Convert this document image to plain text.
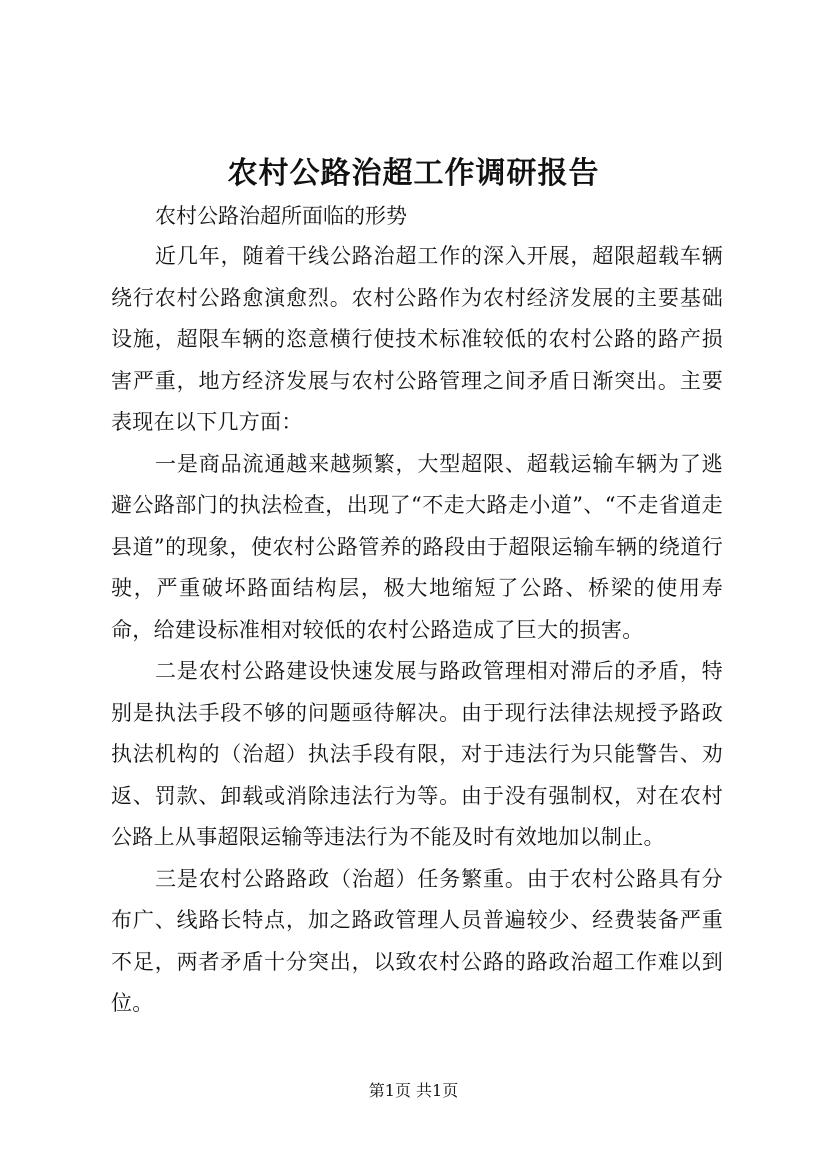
农村公路治超工作调研报告

农村公路治超所面临的形势

近几年，随着干线公路治超工作的深入开展，超限超载车辆绕行农村公路愈演愈烈。农村公路作为农村经济发展的主要基础设施，超限车辆的恣意横行使技术标准较低的农村公路的路产损害严重，地方经济发展与农村公路管理之间矛盾日渐突出。主要表现在以下几方面：

一是商品流通越来越频繁，大型超限、超载运输车辆为了逃避公路部门的执法检查，出现了“不走大路走小道”、“不走省道走县道”的现象，使农村公路管养的路段由于超限运输车辆的绕道行驶，严重破坏路面结构层，极大地缩短了公路、桥梁的使用寿命，给建设标准相对较低的农村公路造成了巨大的损害。

二是农村公路建设快速发展与路政管理相对滞后的矛盾，特别是执法手段不够的问题亟待解决。由于现行法律法规授予路政执法机构的（治超）执法手段有限，对于违法行为只能警告、劝返、罚款、卸载或消除违法行为等。由于没有强制权，对在农村公路上从事超限运输等违法行为不能及时有效地加以制止。

三是农村公路路政（治超）任务繁重。由于农村公路具有分布广、线路长特点，加之路政管理人员普遍较少、经费装备严重不足，两者矛盾十分突出，以致农村公路的路政治超工作难以到位。

第1页 共1页
